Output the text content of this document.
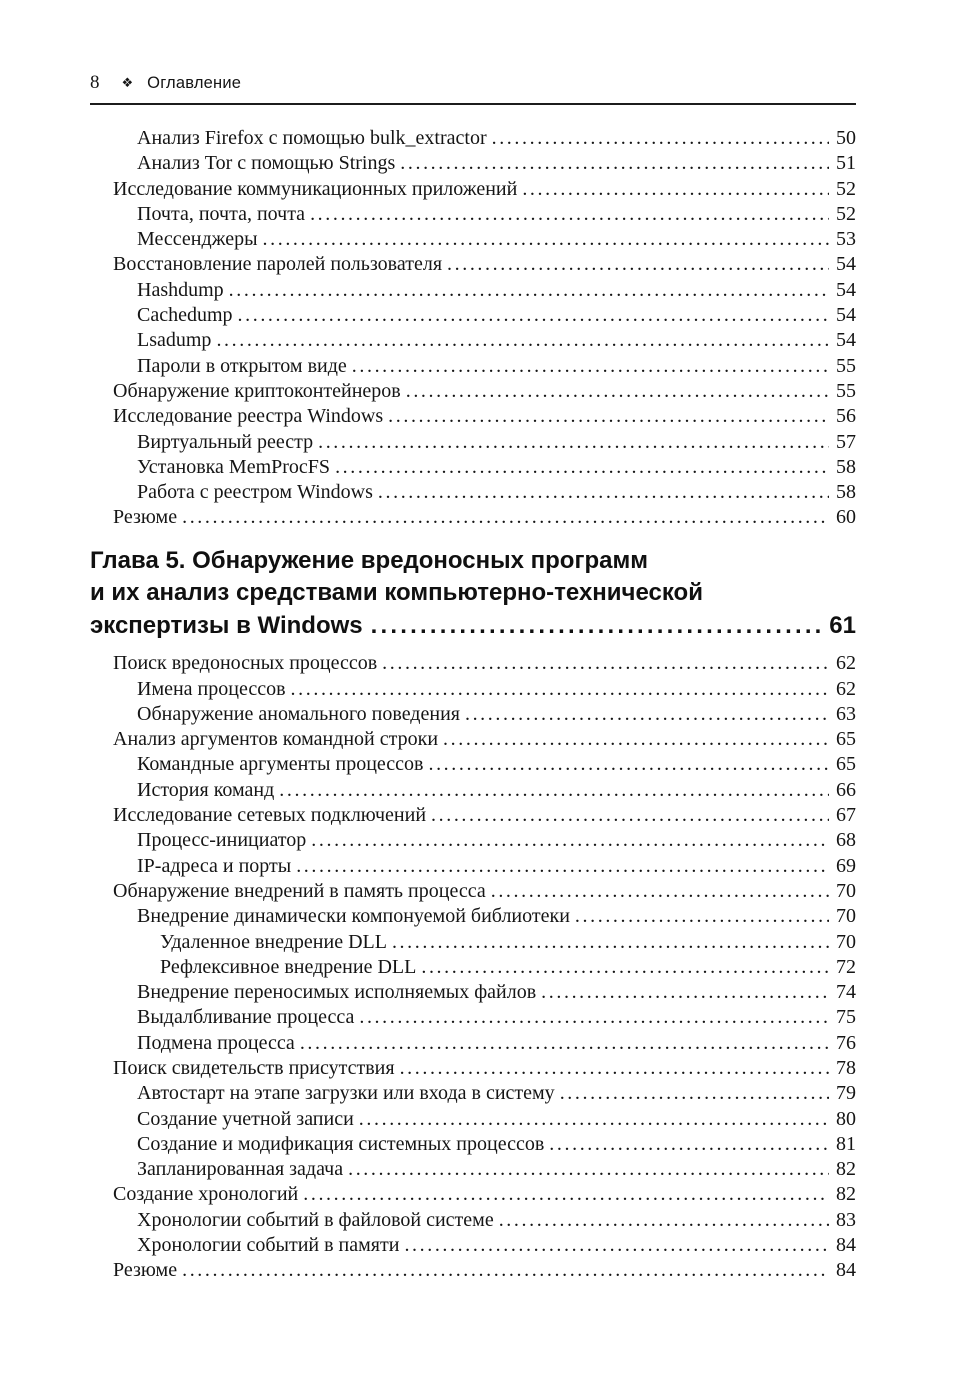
8 ❖ Оглавление
Анализ Firefox с помощью bulk_extractor .....	50
Анализ Tor с помощью Strings .....	51
Исследование коммуникационных приложений .....	52
Почта, почта, почта .....	52
Мессенджеры .....	53
Восстановление паролей пользователя .....	54
Hashdump .....	54
Cachedump .....	54
Lsadump .....	54
Пароли в открытом виде .....	55
Обнаружение криптоконтейнеров .....	55
Исследование реестра Windows .....	56
Виртуальный реестр .....	57
Установка MemProcFS .....	58
Работа с реестром Windows .....	58
Резюме .....	60
Глава 5. Обнаружение вредоносных программ
и их анализ средствами компьютерно-технической
экспертизы в Windows .....	61
Поиск вредоносных процессов .....	62
Имена процессов .....	62
Обнаружение аномального поведения .....	63
Анализ аргументов командной строки .....	65
Командные аргументы процессов .....	65
История команд .....	66
Исследование сетевых подключений .....	67
Процесс-инициатор .....	68
IP-адреса и порты .....	69
Обнаружение внедрений в память процесса .....	70
Внедрение динамически компонуемой библиотеки .....	70
Удаленное внедрение DLL .....	70
Рефлексивное внедрение DLL .....	72
Внедрение переносимых исполняемых файлов .....	74
Выдалбливание процесса .....	75
Подмена процесса .....	76
Поиск свидетельств присутствия .....	78
Автостарт на этапе загрузки или входа в систему .....	79
Создание учетной записи .....	80
Создание и модификация системных процессов .....	81
Запланированная задача .....	82
Создание хронологий .....	82
Хронологии событий в файловой системе .....	83
Хронологии событий в памяти .....	84
Резюме .....	84
